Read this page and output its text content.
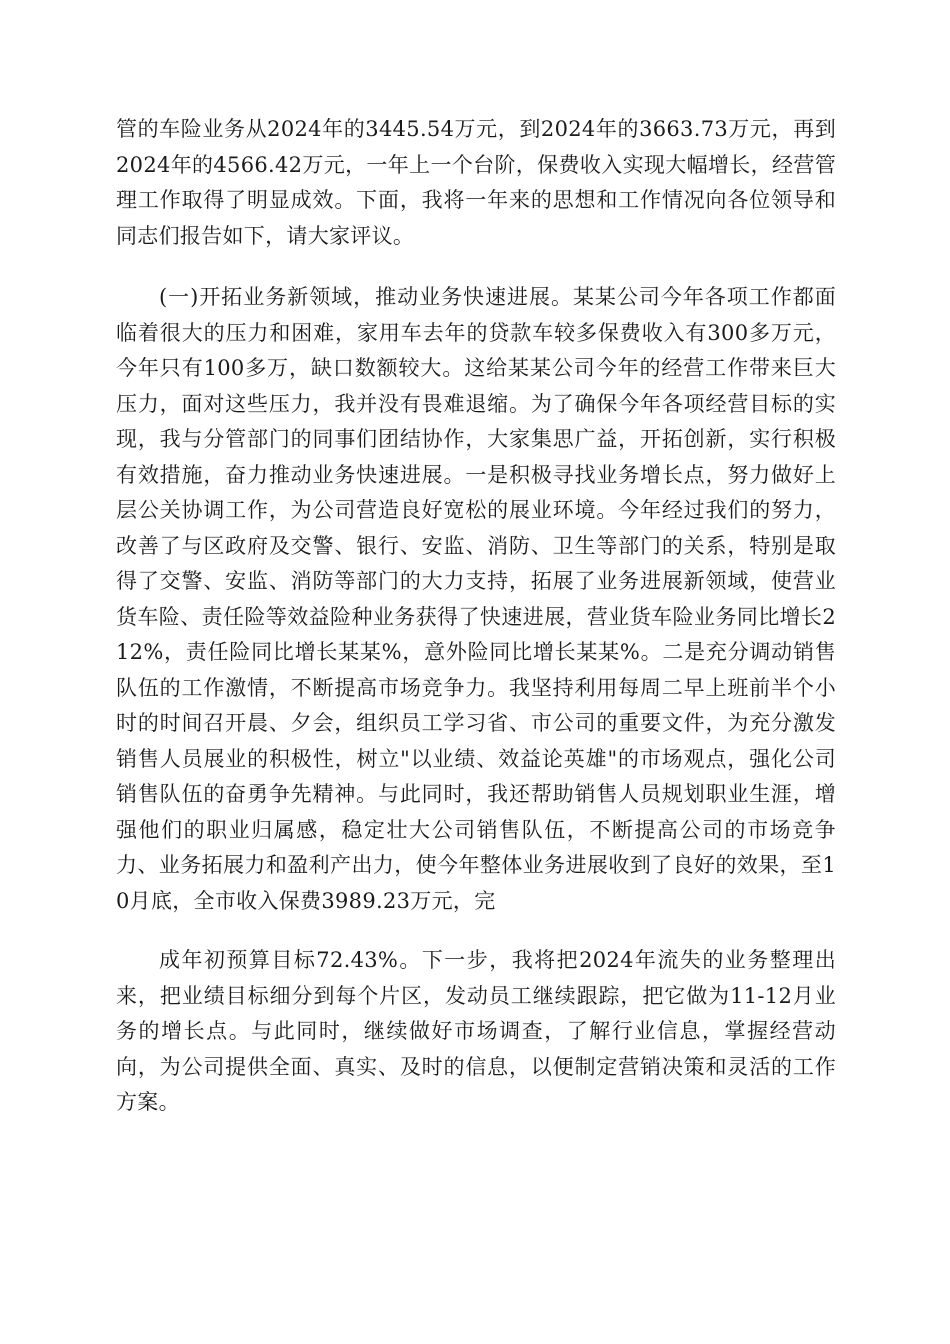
管的车险业务从2024年的3445.54万元，到2024年的3663.73万元，再到2024年的4566.42万元，一年上一个台阶，保费收入实现大幅增长，经营管理工作取得了明显成效。下面，我将一年来的思想和工作情况向各位领导和同志们报告如下，请大家评议。

(一)开拓业务新领域，推动业务快速进展。某某公司今年各项工作都面临着很大的压力和困难，家用车去年的贷款车较多保费收入有300多万元，今年只有100多万，缺口数额较大。这给某某公司今年的经营工作带来巨大压力，面对这些压力，我并没有畏难退缩。为了确保今年各项经营目标的实现，我与分管部门的同事们团结协作，大家集思广益，开拓创新，实行积极有效措施，奋力推动业务快速进展。一是积极寻找业务增长点，努力做好上层公关协调工作，为公司营造良好宽松的展业环境。今年经过我们的努力，改善了与区政府及交警、银行、安监、消防、卫生等部门的关系，特别是取得了交警、安监、消防等部门的大力支持，拓展了业务进展新领域，使营业货车险、责任险等效益险种业务获得了快速进展，营业货车险业务同比增长212%，责任险同比增长某某%，意外险同比增长某某%。二是充分调动销售队伍的工作激情，不断提高市场竞争力。我坚持利用每周二早上班前半个小时的时间召开晨、夕会，组织员工学习省、市公司的重要文件，为充分激发销售人员展业的积极性，树立"以业绩、效益论英雄"的市场观点，强化公司销售队伍的奋勇争先精神。与此同时，我还帮助销售人员规划职业生涯，增强他们的职业归属感，稳定壮大公司销售队伍，不断提高公司的市场竞争力、业务拓展力和盈利产出力，使今年整体业务进展收到了良好的效果，至10月底，全市收入保费3989.23万元，完

成年初预算目标72.43%。下一步，我将把2024年流失的业务整理出来，把业绩目标细分到每个片区，发动员工继续跟踪，把它做为11-12月业务的增长点。与此同时，继续做好市场调查，了解行业信息，掌握经营动向，为公司提供全面、真实、及时的信息，以便制定营销决策和灵活的工作方案。
